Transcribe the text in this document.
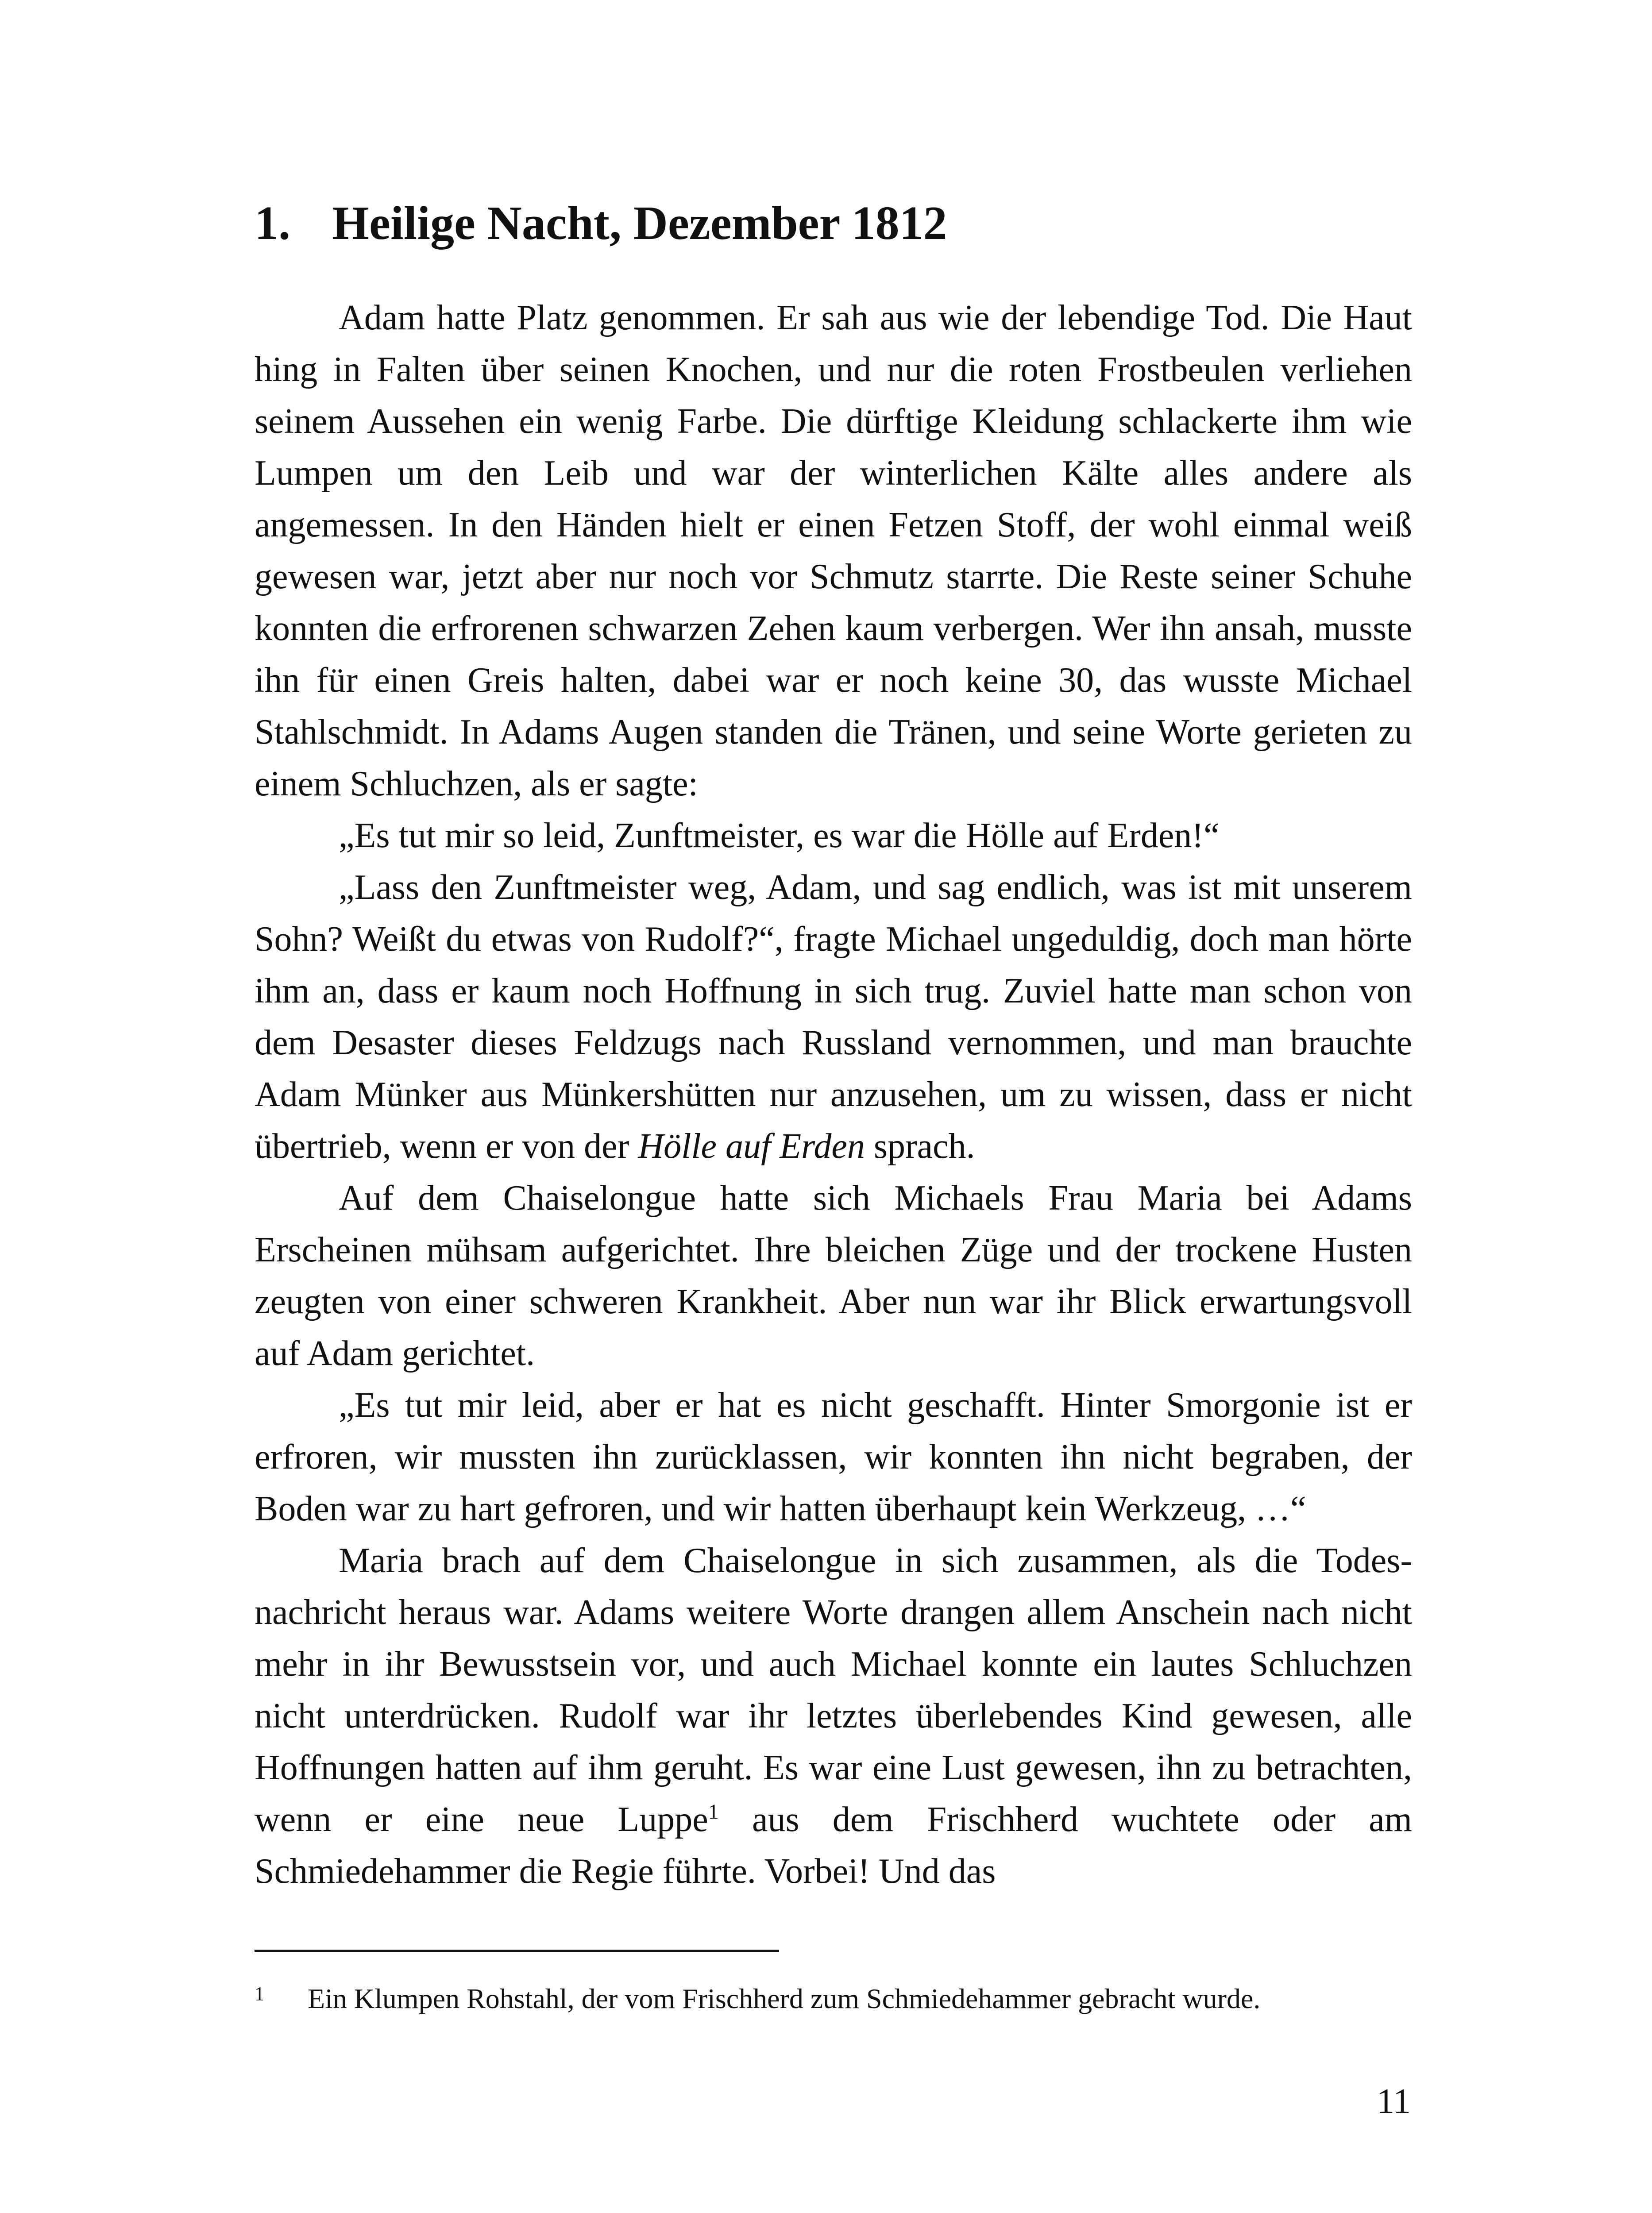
1. Heilige Nacht, Dezember 1812

Adam hatte Platz genommen. Er sah aus wie der lebendige Tod. Die Haut hing in Falten über seinen Knochen, und nur die roten Frostbeulen verliehen seinem Aussehen ein wenig Farbe. Die dürftige Kleidung schlackerte ihm wie Lumpen um den Leib und war der winterlichen Kälte alles andere als angemessen. In den Händen hielt er einen Fetzen Stoff, der wohl einmal weiß gewesen war, jetzt aber nur noch vor Schmutz starrte. Die Reste seiner Schuhe konnten die erfrorenen schwarzen Zehen kaum verbergen. Wer ihn ansah, musste ihn für einen Greis halten, dabei war er noch keine 30, das wusste Michael Stahlschmidt. In Adams Augen standen die Tränen, und seine Worte gerieten zu einem Schluchzen, als er sagte:

„Es tut mir so leid, Zunftmeister, es war die Hölle auf Erden!“

„Lass den Zunftmeister weg, Adam, und sag endlich, was ist mit unserem Sohn? Weißt du etwas von Rudolf?“, fragte Michael ungeduldig, doch man hörte ihm an, dass er kaum noch Hoffnung in sich trug. Zuviel hatte man schon von dem Desaster dieses Feldzugs nach Russland vernommen, und man brauchte Adam Münker aus Münkershütten nur anzusehen, um zu wissen, dass er nicht übertrieb, wenn er von der Hölle auf Erden sprach.

Auf dem Chaiselongue hatte sich Michaels Frau Maria bei Adams Erscheinen mühsam aufgerichtet. Ihre bleichen Züge und der trockene Husten zeugten von einer schweren Krankheit. Aber nun war ihr Blick erwartungsvoll auf Adam gerichtet.

„Es tut mir leid, aber er hat es nicht geschafft. Hinter Smorgonie ist er erfroren, wir mussten ihn zurücklassen, wir konnten ihn nicht begraben, der Boden war zu hart gefroren, und wir hatten überhaupt kein Werkzeug, …“

Maria brach auf dem Chaiselongue in sich zusammen, als die Todesnachricht heraus war. Adams weitere Worte drangen allem Anschein nach nicht mehr in ihr Bewusstsein vor, und auch Michael konnte ein lautes Schluchzen nicht unterdrücken. Rudolf war ihr letztes überlebendes Kind gewesen, alle Hoffnungen hatten auf ihm geruht. Es war eine Lust gewesen, ihn zu betrachten, wenn er eine neue Luppe$^1$ aus dem Frischherd wuchtete oder am Schmiedehammer die Regie führte. Vorbei! Und das

1 Ein Klumpen Rohstahl, der vom Frischherd zum Schmiedehammer gebracht wurde.
11
